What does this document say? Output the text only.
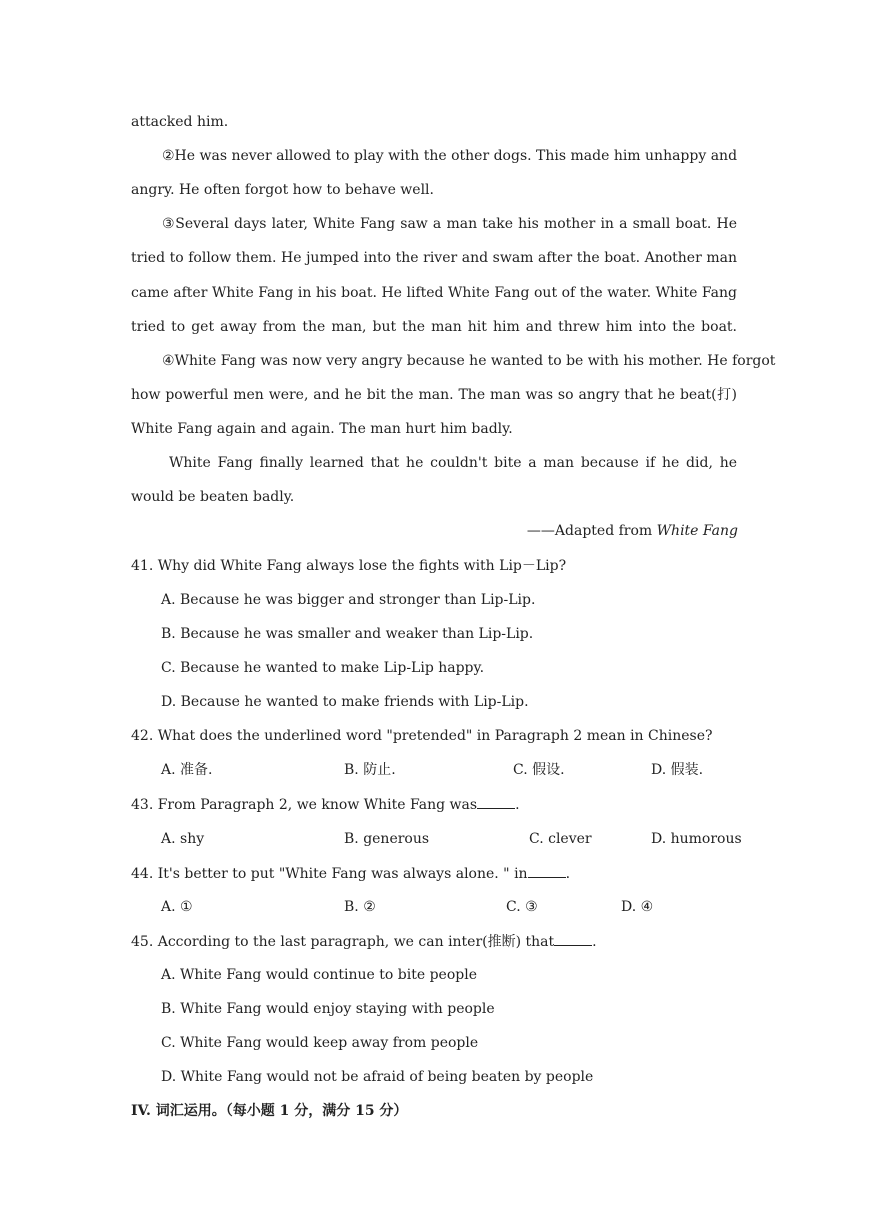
attacked him.
②He was never allowed to play with the other dogs. This made him unhappy and
angry. He often forgot how to behave well.
③Several days later, White Fang saw a man take his mother in a small boat. He
tried to follow them. He jumped into the river and swam after the boat. Another man
came after White Fang in his boat. He lifted White Fang out of the water. White Fang
tried to get away from the man, but the man hit him and threw him into the boat.
④White Fang was now very angry because he wanted to be with his mother. He forgot
how powerful men were, and he bit the man. The man was so angry that he beat(打)
White Fang again and again. The man hurt him badly.
White Fang finally learned that he couldn't bite a man because if he did, he
would be beaten badly.
——Adapted from White Fang
41. Why did White Fang always lose the fights with Lip－Lip?
A. Because he was bigger and stronger than Lip-Lip.
B. Because he was smaller and weaker than Lip-Lip.
C. Because he wanted to make Lip-Lip happy.
D. Because he wanted to make friends with Lip-Lip.
42. What does the underlined word "pretended" in Paragraph 2 mean in Chinese?
A. 准备.	B. 防止.	C. 假设.	D. 假装.
43. From Paragraph 2, we know White Fang was	.
A. shy	B. generous	C. clever	D. humorous
44. It's better to put "White Fang was always alone. " in	.
A. ①	B. ②	C. ③	D. ④
45. According to the last paragraph, we can inter(推断) that	.
A. White Fang would continue to bite people
B. White Fang would enjoy staying with people
C. White Fang would keep away from people
D. White Fang would not be afraid of being beaten by people
IV. 词汇运用。（每小题 1 分，满分 15 分）
